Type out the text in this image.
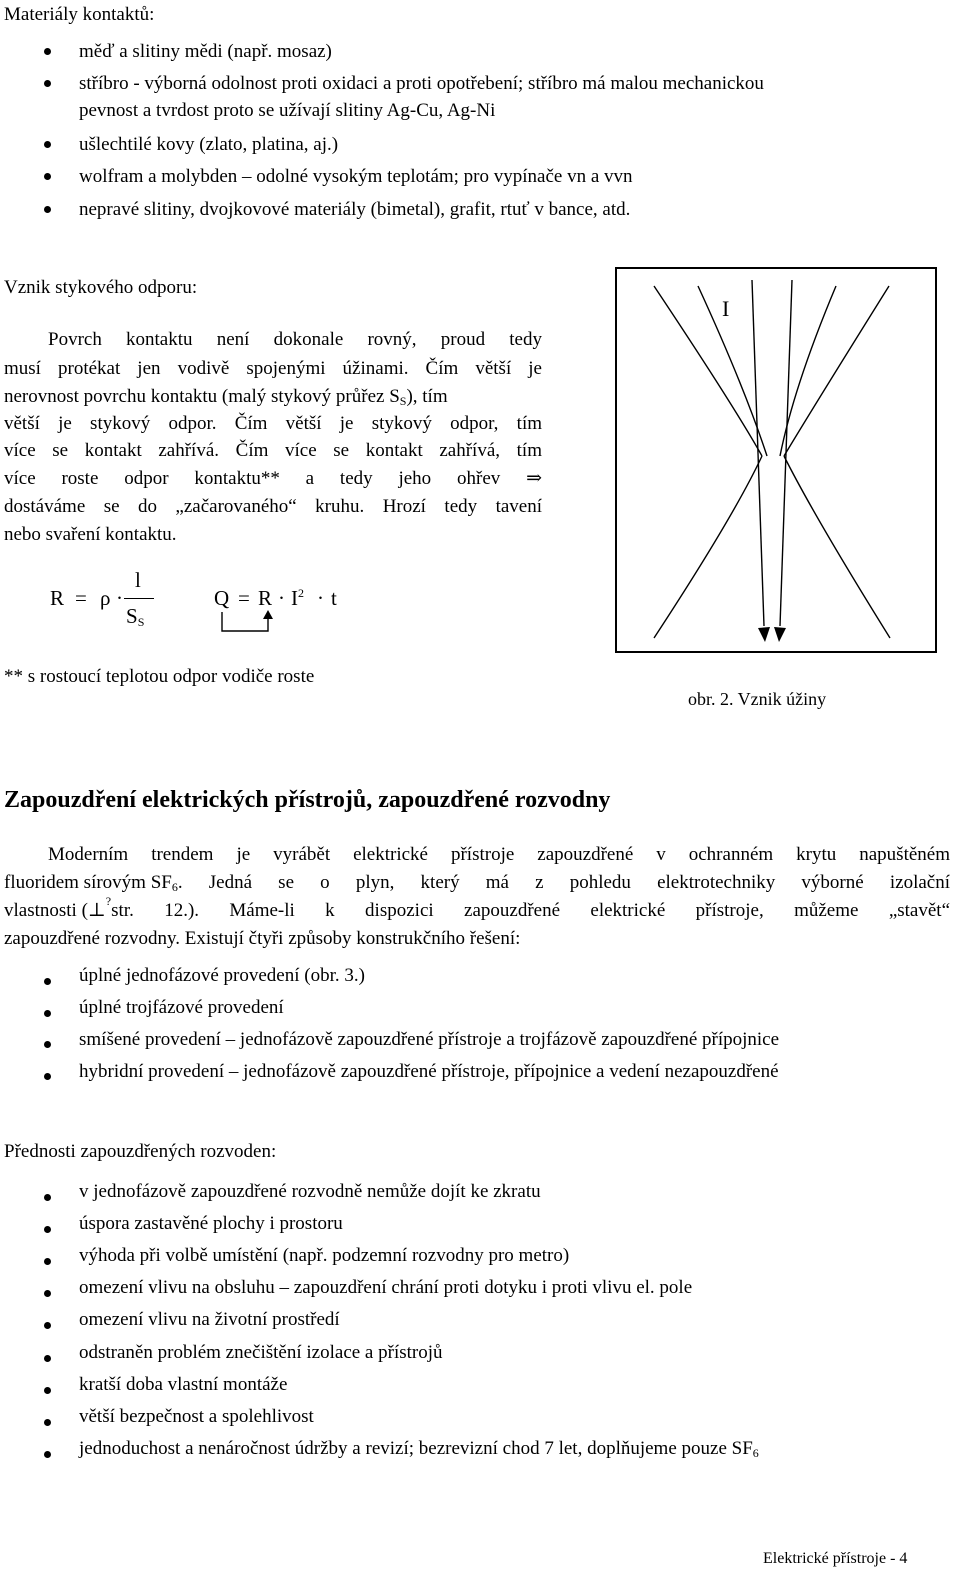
Materiály kontaktů:
měď a slitiny mědi (např. mosaz)
stříbro - výborná odolnost proti oxidaci a proti opotřebení; stříbro má malou mechanickou
pevnost a tvrdost proto se užívají slitiny Ag-Cu, Ag-Ni
ušlechtilé kovy (zlato, platina, aj.)
wolfram a molybden – odolné vysokým teplotám; pro vypínače vn a vvn
nepravé slitiny, dvojkovové materiály (bimetal), grafit, rtuť v bance, atd.
Vznik stykového odporu:
Povrch kontaktu není dokonale rovný, proud tedy
musí protékat jen vodivě spojenými úžinami. Čím větší je
nerovnost povrchu kontaktu (malý stykový průřez $S_S$), tím
větší je stykový odpor. Čím větší je stykový odpor, tím
více se kontakt zahřívá. Čím více se kontakt zahřívá, tím
více roste odpor kontaktu** a tedy jeho ohřev ⇒
dostáváme se do „začarovaného“ kruhu. Hrozí tedy tavení
nebo svaření kontaktu.
R = ρ ·
l
$S_S$
$Q = R \cdot I^2 \cdot t$
** s rostoucí teplotou odpor vodiče roste
I
obr. 2. Vznik úžiny
Zapouzdření elektrických přístrojů, zapouzdřené rozvodny
Moderním trendem je vyrábět elektrické přístroje zapouzdřené v ochranném krytu napuštěném
fluoridem sírovým $SF_6$ . Jedná se o plyn, který má z pohledu elektrotechniky výborné izolační
vlastnosti ( ⊥ ? str. 12.). Máme-li k dispozici zapouzdřené elektrické přístroje, můžeme „stavět“
zapouzdřené rozvodny. Existují čtyři způsoby konstrukčního řešení:
úplné jednofázové provedení (obr. 3.)
úplné trojfázové provedení
smíšené provedení – jednofázově zapouzdřené přístroje a trojfázově zapouzdřené přípojnice
hybridní provedení – jednofázově zapouzdřené přístroje, přípojnice a vedení nezapouzdřené
Přednosti zapouzdřených rozvoden:
v jednofázově zapouzdřené rozvodně nemůže dojít ke zkratu
úspora zastavěné plochy i prostoru
výhoda při volbě umístění (např. podzemní rozvodny pro metro)
omezení vlivu na obsluhu – zapouzdření chrání proti dotyku i proti vlivu el. pole
omezení vlivu na životní prostředí
odstraněn problém znečištění izolace a přístrojů
kratší doba vlastní montáže
větší bezpečnost a spolehlivost
jednoduchost a nenáročnost údržby a revizí; bezrevizní chod 7 let, doplňujeme pouze $SF_6$
Elektrické přístroje - 4
